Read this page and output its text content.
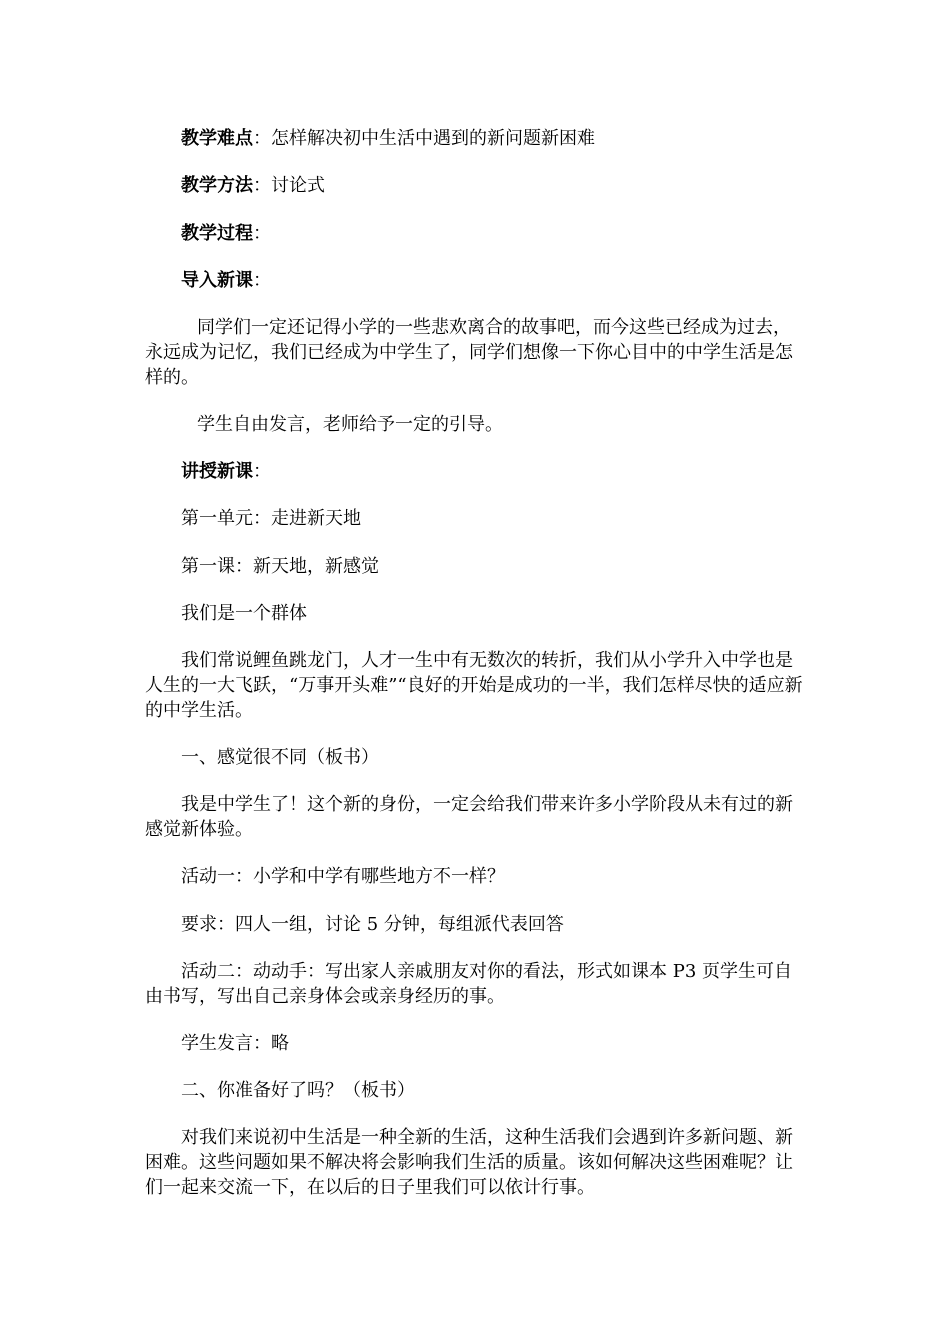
教学难点：怎样解决初中生活中遇到的新问题新困难

教学方法：讨论式

教学过程：

导入新课：

同学们一定还记得小学的一些悲欢离合的故事吧，而今这些已经成为过去，永远成为记忆，我们已经成为中学生了，同学们想像一下你心目中的中学生活是怎样的。

学生自由发言，老师给予一定的引导。

讲授新课：

第一单元：走进新天地

第一课：新天地，新感觉

我们是一个群体

我们常说鲤鱼跳龙门，人才一生中有无数次的转折，我们从小学升入中学也是人生的一大飞跃，“万事开头难”“良好的开始是成功的一半，我们怎样尽快的适应新的中学生活。

一、感觉很不同（板书）

我是中学生了！这个新的身份，一定会给我们带来许多小学阶段从未有过的新感觉新体验。

活动一：小学和中学有哪些地方不一样？

要求：四人一组，讨论 5 分钟，每组派代表回答

活动二：动动手：写出家人亲戚朋友对你的看法，形式如课本 P3 页学生可自由书写，写出自己亲身体会或亲身经历的事。

学生发言：略

二、你准备好了吗？（板书）

对我们来说初中生活是一种全新的生活，这种生活我们会遇到许多新问题、新困难。这些问题如果不解决将会影响我们生活的质量。该如何解决这些困难呢？让们一起来交流一下，在以后的日子里我们可以依计行事。
